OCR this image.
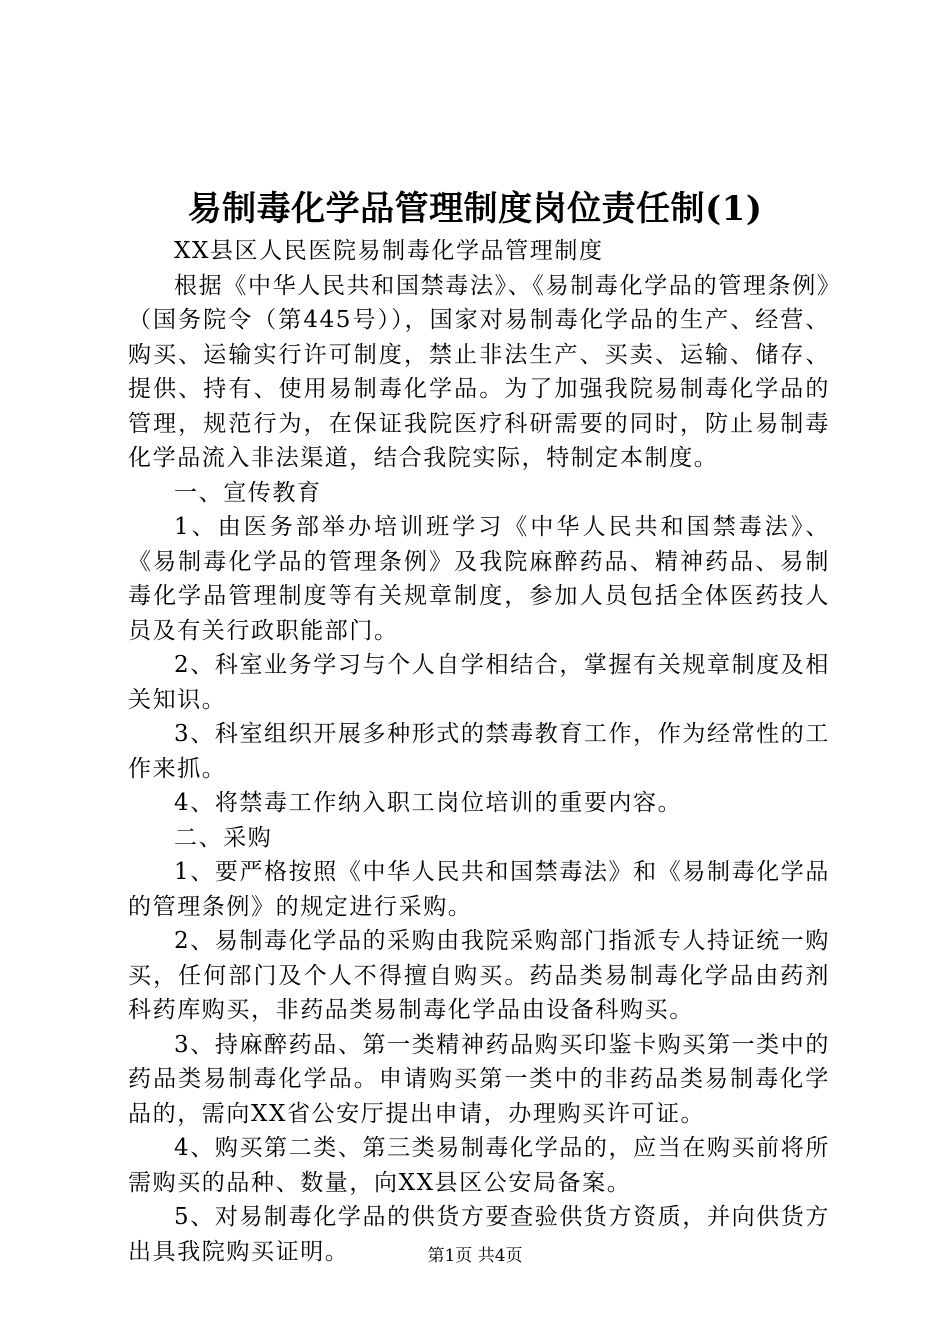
易制毒化学品管理制度岗位责任制(1)

XX县区人民医院易制毒化学品管理制度

根据《中华人民共和国禁毒法》、《易制毒化学品的管理条例》（国务院令（第445号）），国家对易制毒化学品的生产、经营、购买、运输实行许可制度，禁止非法生产、买卖、运输、储存、提供、持有、使用易制毒化学品。为了加强我院易制毒化学品的管理，规范行为，在保证我院医疗科研需要的同时，防止易制毒化学品流入非法渠道，结合我院实际，特制定本制度。

一、宣传教育

1、由医务部举办培训班学习《中华人民共和国禁毒法》、《易制毒化学品的管理条例》及我院麻醉药品、精神药品、易制毒化学品管理制度等有关规章制度，参加人员包括全体医药技人员及有关行政职能部门。

2、科室业务学习与个人自学相结合，掌握有关规章制度及相关知识。

3、科室组织开展多种形式的禁毒教育工作，作为经常性的工作来抓。

4、将禁毒工作纳入职工岗位培训的重要内容。

二、采购

1、要严格按照《中华人民共和国禁毒法》和《易制毒化学品的管理条例》的规定进行采购。

2、易制毒化学品的采购由我院采购部门指派专人持证统一购买，任何部门及个人不得擅自购买。药品类易制毒化学品由药剂科药库购买，非药品类易制毒化学品由设备科购买。

3、持麻醉药品、第一类精神药品购买印鉴卡购买第一类中的药品类易制毒化学品。申请购买第一类中的非药品类易制毒化学品的，需向XX省公安厅提出申请，办理购买许可证。

4、购买第二类、第三类易制毒化学品的，应当在购买前将所需购买的品种、数量，向XX县区公安局备案。

5、对易制毒化学品的供货方要查验供货方资质，并向供货方出具我院购买证明。	第1页 共4页
